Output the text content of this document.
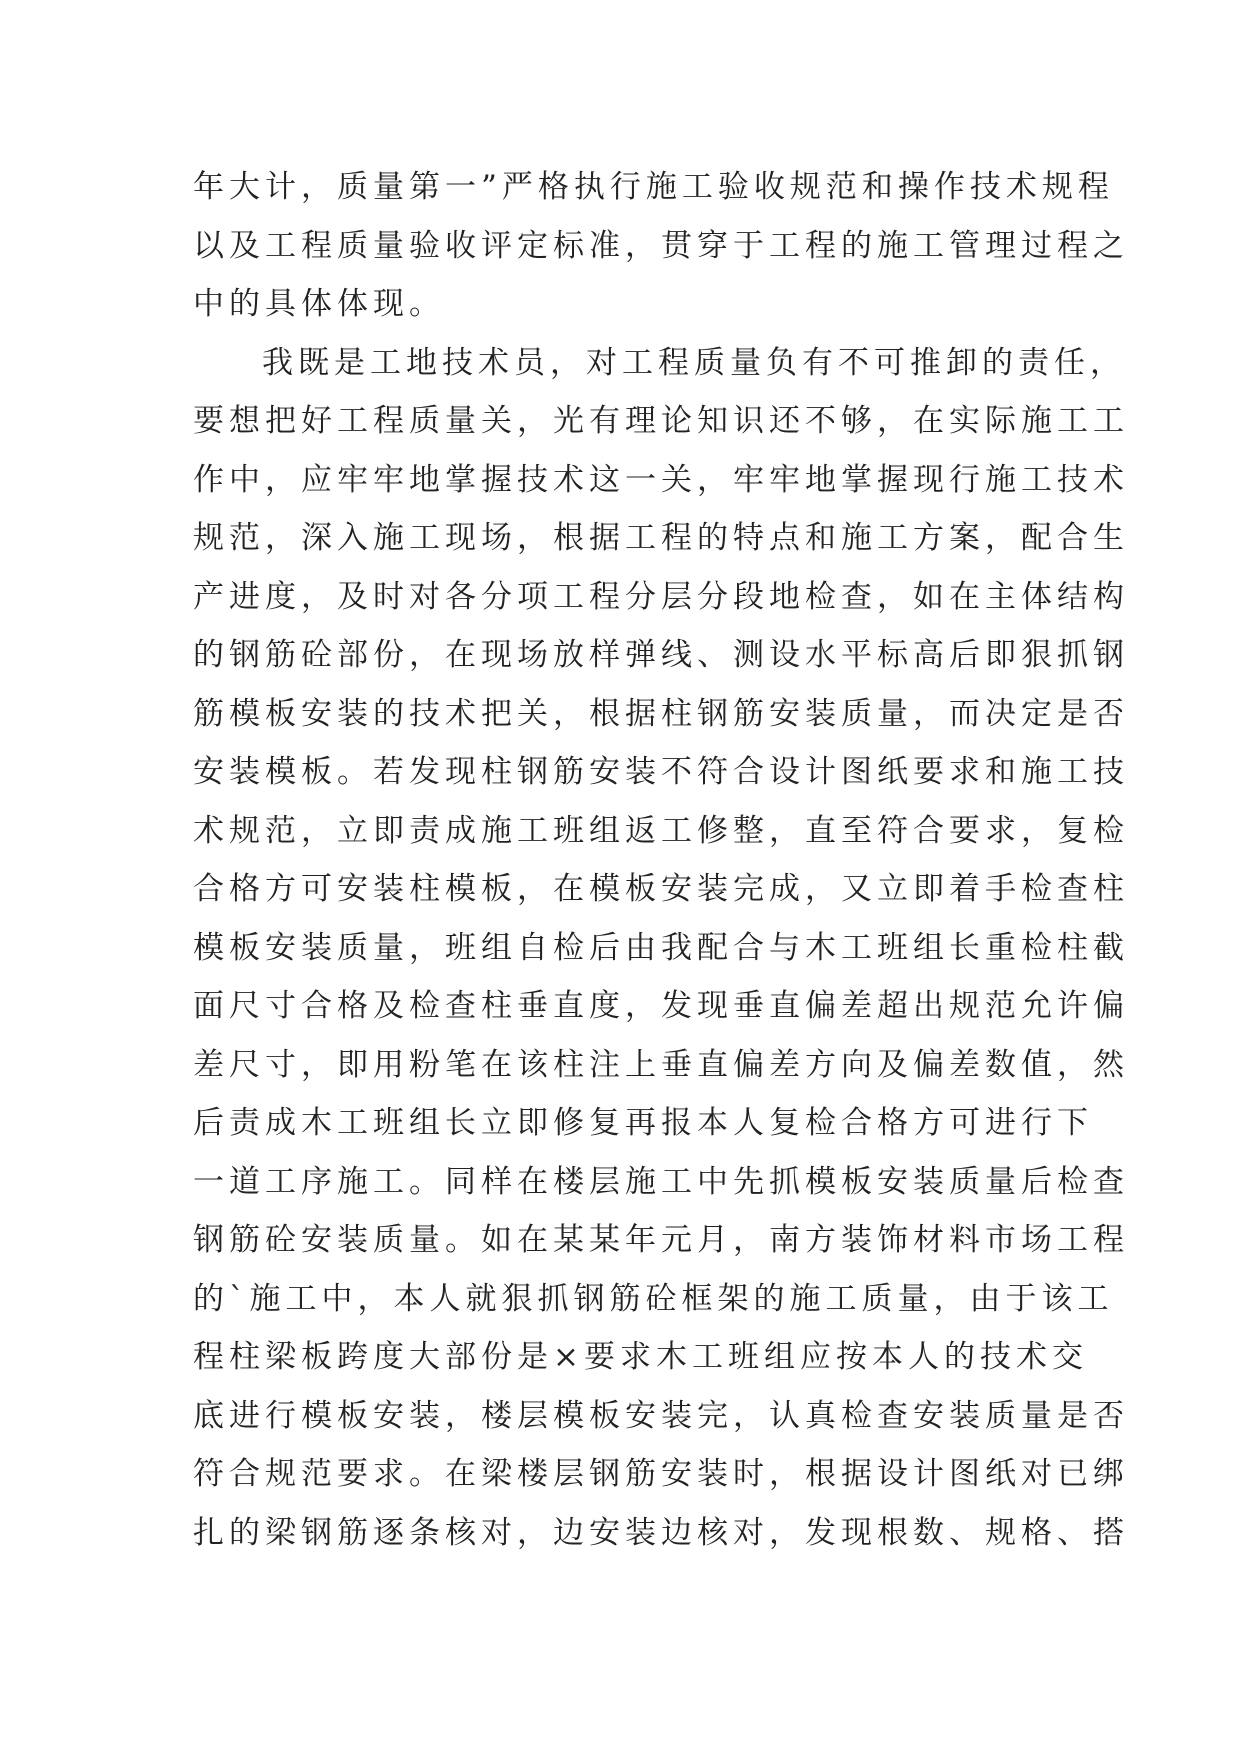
年大计，质量第一”严格执行施工验收规范和操作技术规程
以及工程质量验收评定标准，贯穿于工程的施工管理过程之
中的具体体现。
我既是工地技术员，对工程质量负有不可推卸的责任，
要想把好工程质量关，光有理论知识还不够，在实际施工工
作中，应牢牢地掌握技术这一关，牢牢地掌握现行施工技术
规范，深入施工现场，根据工程的特点和施工方案，配合生
产进度，及时对各分项工程分层分段地检查，如在主体结构
的钢筋砼部份，在现场放样弹线、测设水平标高后即狠抓钢
筋模板安装的技术把关，根据柱钢筋安装质量，而决定是否
安装模板。若发现柱钢筋安装不符合设计图纸要求和施工技
术规范，立即责成施工班组返工修整，直至符合要求，复检
合格方可安装柱模板，在模板安装完成，又立即着手检查柱
模板安装质量，班组自检后由我配合与木工班组长重检柱截
面尺寸合格及检查柱垂直度，发现垂直偏差超出规范允许偏
差尺寸，即用粉笔在该柱注上垂直偏差方向及偏差数值，然
后责成木工班组长立即修复再报本人复检合格方可进行下
一道工序施工。同样在楼层施工中先抓模板安装质量后检查
钢筋砼安装质量。如在某某年元月，南方装饰材料市场工程
的`施工中，本人就狠抓钢筋砼框架的施工质量，由于该工
程柱梁板跨度大部份是×要求木工班组应按本人的技术交
底进行模板安装，楼层模板安装完，认真检查安装质量是否
符合规范要求。在梁楼层钢筋安装时，根据设计图纸对已绑
扎的梁钢筋逐条核对，边安装边核对，发现根数、规格、搭
